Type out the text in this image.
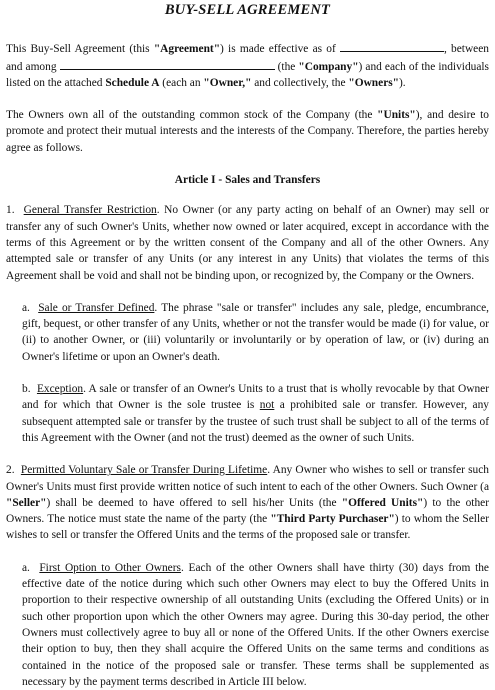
BUY-SELL AGREEMENT

This Buy-Sell Agreement (this "Agreement") is made effective as of	, between and among	(the "Company") and each of the individuals listed on the attached Schedule A (each an "Owner," and collectively, the "Owners").

The Owners own all of the outstanding common stock of the Company (the "Units"), and desire to promote and protect their mutual interests and the interests of the Company. Therefore, the parties hereby agree as follows.

Article I - Sales and Transfers

1. General Transfer Restriction. No Owner (or any party acting on behalf of an Owner) may sell or transfer any of such Owner's Units, whether now owned or later acquired, except in accordance with the terms of this Agreement or by the written consent of the Company and all of the other Owners. Any attempted sale or transfer of any Units (or any interest in any Units) that violates the terms of this Agreement shall be void and shall not be binding upon, or recognized by, the Company or the Owners.

a. Sale or Transfer Defined. The phrase "sale or transfer" includes any sale, pledge, encumbrance, gift, bequest, or other transfer of any Units, whether or not the transfer would be made (i) for value, or (ii) to another Owner, or (iii) voluntarily or involuntarily or by operation of law, or (iv) during an Owner's lifetime or upon an Owner's death.

b. Exception. A sale or transfer of an Owner's Units to a trust that is wholly revocable by that Owner and for which that Owner is the sole trustee is not a prohibited sale or transfer. However, any subsequent attempted sale or transfer by the trustee of such trust shall be subject to all of the terms of this Agreement with the Owner (and not the trust) deemed as the owner of such Units.

2. Permitted Voluntary Sale or Transfer During Lifetime. Any Owner who wishes to sell or transfer such Owner's Units must first provide written notice of such intent to each of the other Owners. Such Owner (a "Seller") shall be deemed to have offered to sell his/her Units (the "Offered Units") to the other Owners. The notice must state the name of the party (the "Third Party Purchaser") to whom the Seller wishes to sell or transfer the Offered Units and the terms of the proposed sale or transfer.

a. First Option to Other Owners. Each of the other Owners shall have thirty (30) days from the effective date of the notice during which such other Owners may elect to buy the Offered Units in proportion to their respective ownership of all outstanding Units (excluding the Offered Units) or in such other proportion upon which the other Owners may agree. During this 30-day period, the other Owners must collectively agree to buy all or none of the Offered Units. If the other Owners exercise their option to buy, then they shall acquire the Offered Units on the same terms and conditions as contained in the notice of the proposed sale or transfer. These terms shall be supplemented as necessary by the payment terms described in Article III below.
